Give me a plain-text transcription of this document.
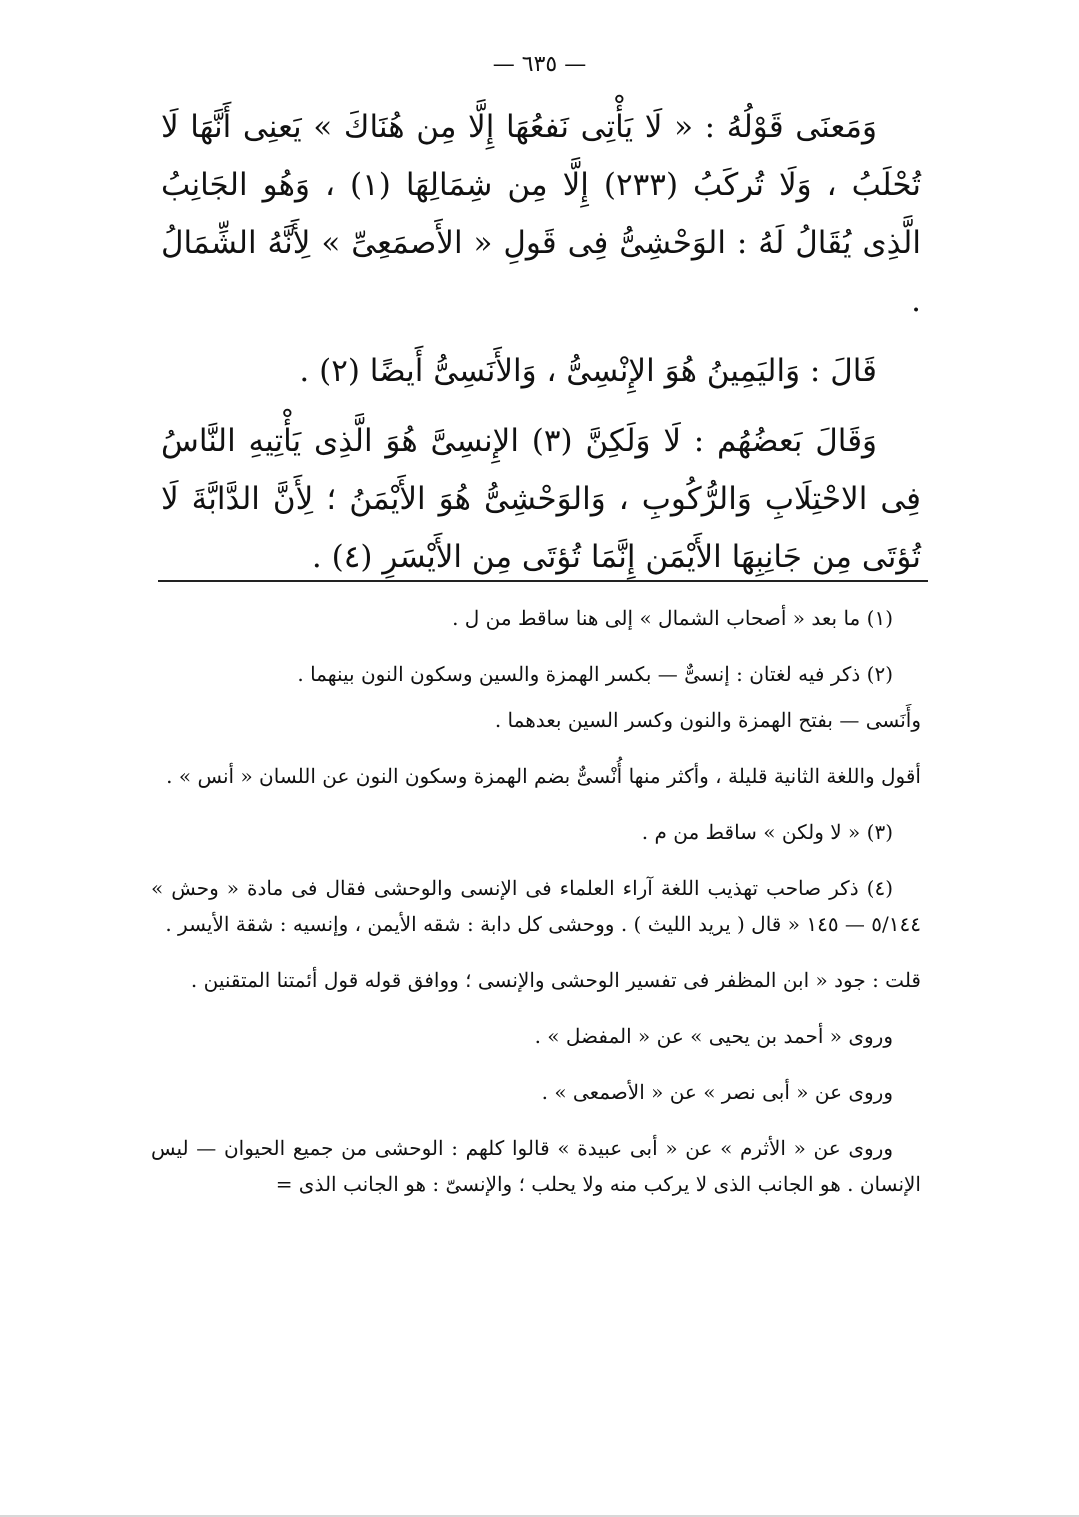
— ٦٣٥ —

وَمَعنَى قَوْلُهُ : « لَا يَأْتِى نَفعُهَا إِلَّا مِن هُنَاكَ » يَعنِى أَنَّهَا لَا تُحْلَبُ ، وَلَا تُركَبُ (٢٣٣) إِلَّا مِن شِمَالِهَا (١) ، وَهُو الجَانِبُ الَّذِى يُقَالُ لَهُ : الوَحْشِىُّ فِى قَولِ « الأَصمَعِىِّ » لِأَنَّهُ الشِّمَالُ .

قَالَ : وَاليَمِينُ هُوَ الإِنْسِىُّ ، وَالأَنَسِىُّ أَيضًا (٢) .

وَقَالَ بَعضُهُم : لَا وَلَكِنَّ (٣) الإِنسِىَّ هُوَ الَّذِى يَأْتِيهِ النَّاسُ فِى الاحْتِلَابِ وَالرُّكُوبِ ، وَالوَحْشِىُّ هُوَ الأَيْمَنُ ؛ لِأَنَّ الدَّابَّةَ لَا تُؤتَى مِن جَانِبِهَا الأَيْمَن إِنَّمَا تُؤتَى مِن الأَيْسَرِ (٤) .

(١) ما بعد « أصحاب الشمال » إلى هنا ساقط من ل .

(٢) ذكر فيه لغتان : إنسىٌّ — بكسر الهمزة والسين وسكون النون بينهما .

وأَنَسى — بفتح الهمزة والنون وكسر السين بعدهما .

أقول واللغة الثانية قليلة ، وأكثر منها أُنْسىٌّ بضم الهمزة وسكون النون عن اللسان « أنس » .

(٣) « لا ولكن » ساقط من م .

(٤) ذكر صاحب تهذيب اللغة آراء العلماء فى الإنسى والوحشى فقال فى مادة « وحش » ٥/١٤٤ — ١٤٥ « قال ( يريد الليث ) . ووحشى كل دابة : شقه الأيمن ، وإنسيه : شقة الأيسر .

قلت : جود « ابن المظفر فى تفسير الوحشى والإنسى ؛ ووافق قوله قول أئمتنا المتقنين .

وروى « أحمد بن يحيى » عن « المفضل » .

وروى عن « أبى نصر » عن « الأصمعى » .

وروى عن « الأثرم » عن « أبى عبيدة » قالوا كلهم : الوحشى من جميع الحيوان — ليس الإنسان . هو الجانب الذى لا يركب منه ولا يحلب ؛ والإنسىّ : هو الجانب الذى =
